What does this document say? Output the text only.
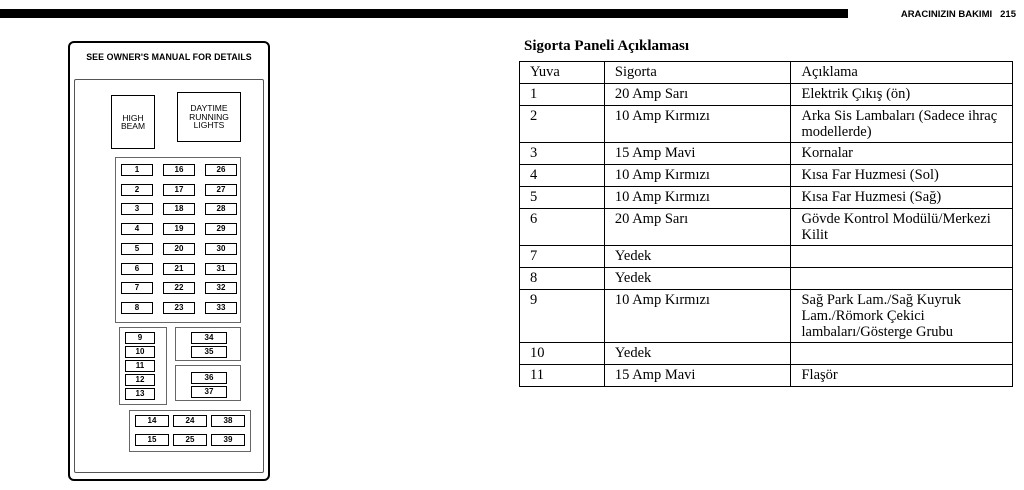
ARACINIZIN BAKIMI 215
SEE OWNER'S MANUAL FOR DETAILS
HIGH
BEAM
DAYTIME
RUNNING
LIGHTS
1
2
3
4
5
6
7
8
16
17
18
19
20
21
22
23
26
27
28
29
30
31
32
33
9
10
11
12
13
34
35
36
37
14	24	38
15	25	39
Sigorta Paneli Açıklaması
Yuva	Sigorta	Açıklama
1	20 Amp Sarı	Elektrik Çıkış (ön)
2	10 Amp Kırmızı	Arka Sis Lambaları (Sadece ihraç modellerde)
3	15 Amp Mavi	Kornalar
4	10 Amp Kırmızı	Kısa Far Huzmesi (Sol)
5	10 Amp Kırmızı	Kısa Far Huzmesi (Sağ)
6	20 Amp Sarı	Gövde Kontrol Modülü/Merkezi Kilit
7	Yedek	
8	Yedek	
9	10 Amp Kırmızı	Sağ Park Lam./Sağ Kuyruk Lam./Römork Çekici lambaları/Gösterge Grubu
10	Yedek	
11	15 Amp Mavi	Flaşör
